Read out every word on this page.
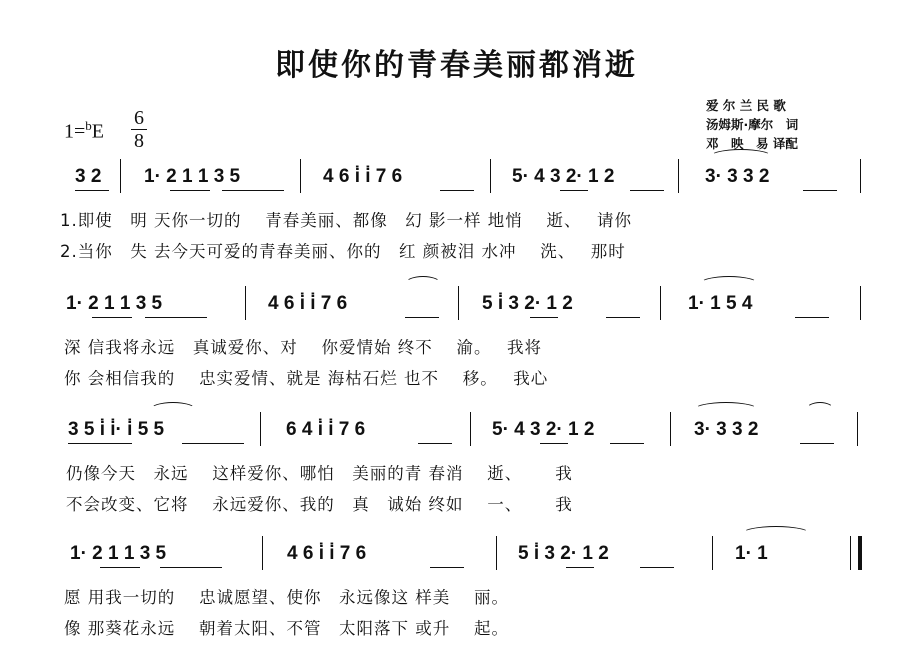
即使你的青春美丽都消逝
爱 尔 兰 民 歌
汤姆斯·摩尔　词
邓　映　易 译配
1=$^b$E
6
8
3 2 1· 2 1 1 3 5	4 6 i̇ i̇ 7 6	5· 4 3 2· 1 2	3· 3 3 2
1.即使　明 天你一切的　 青春美丽、都像　幻 影一样 地悄　 逝、　 请你
2.当你　失 去今天可爱的青春美丽、你的　红 颜被泪 水冲　 洗、　 那时
1· 2 1 1 3 5	4 6 i̇ i̇ 7 6	5 i̇ 3 2· 1 2	1· 1 5 4
深 信我将永远　真诚爱你、对　 你爱情始 终不　 渝。　 我将
你 会相信我的　 忠实爱情、就是 海枯石烂 也不　 移。　 我心
3 5 i̇ i̇· i̇ 5 5	6 4 i̇ i̇ 7 6	5· 4 3 2· 1 2	3· 3 3 2
仍像今天　永远　 这样爱你、哪怕　美丽的青 春消　 逝、　　 我
不会改变、它将　 永远爱你、我的　真　诚始 终如　 一、　　 我
1· 2 1 1 3 5	4 6 i̇ i̇ 7 6	5 i̇ 3 2· 1 2	1· 1
愿 用我一切的　 忠诚愿望、使你　永远像这 样美　 丽。
像 那葵花永远　 朝着太阳、不管　太阳落下 或升　 起。
